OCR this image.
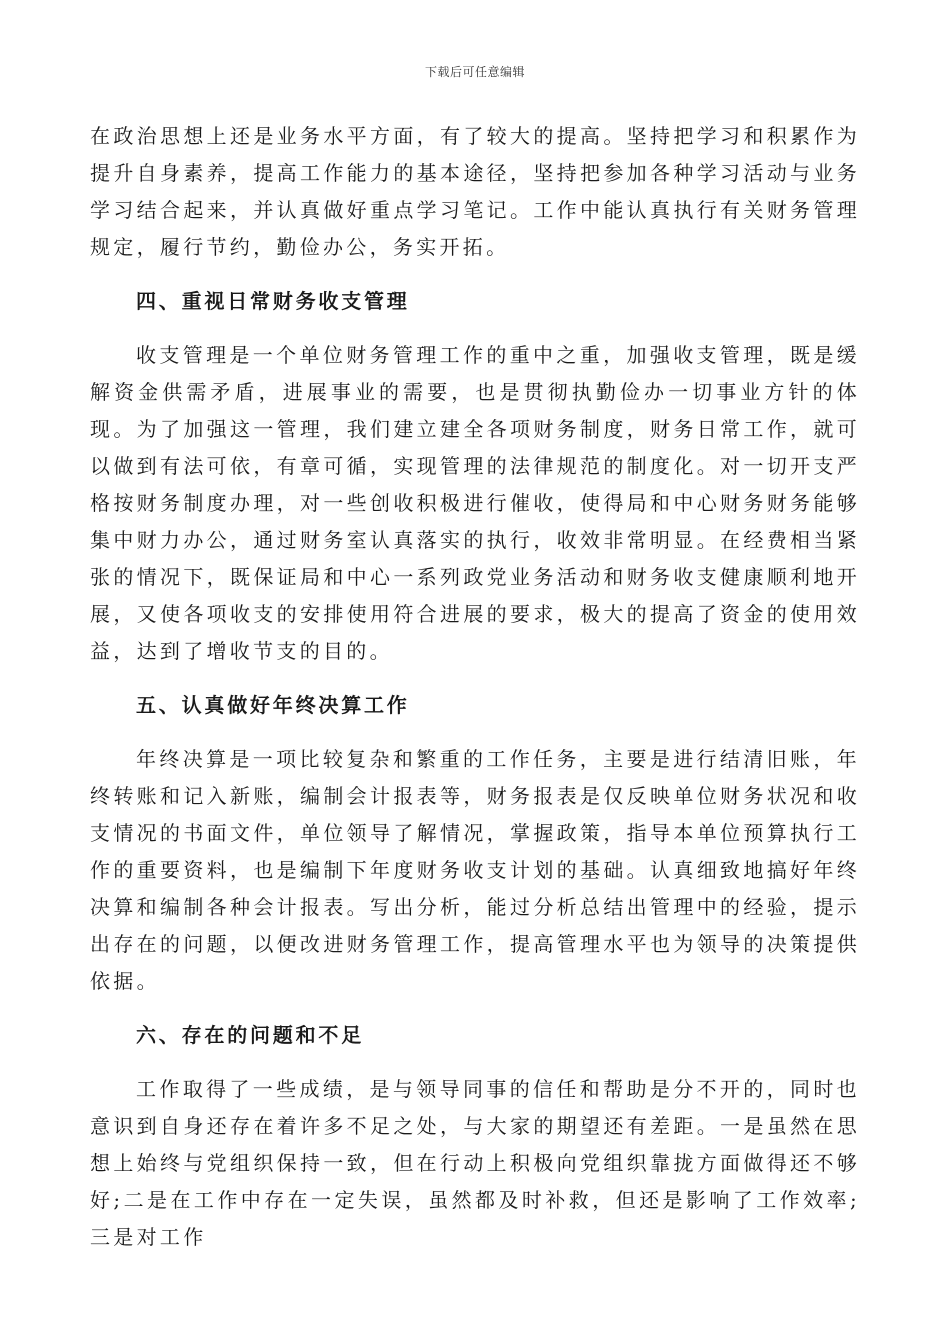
下载后可任意编辑

在政治思想上还是业务水平方面，有了较大的提高。坚持把学习和积累作为提升自身素养，提高工作能力的基本途径，坚持把参加各种学习活动与业务学习结合起来，并认真做好重点学习笔记。工作中能认真执行有关财务管理规定，履行节约，勤俭办公，务实开拓。

四、重视日常财务收支管理

收支管理是一个单位财务管理工作的重中之重，加强收支管理，既是缓解资金供需矛盾，进展事业的需要，也是贯彻执勤俭办一切事业方针的体现。为了加强这一管理，我们建立建全各项财务制度，财务日常工作，就可以做到有法可依，有章可循，实现管理的法律规范的制度化。对一切开支严格按财务制度办理，对一些创收积极进行催收，使得局和中心财务财务能够集中财力办公，通过财务室认真落实的执行，收效非常明显。在经费相当紧张的情况下，既保证局和中心一系列政党业务活动和财务收支健康顺利地开展，又使各项收支的安排使用符合进展的要求，极大的提高了资金的使用效益，达到了增收节支的目的。

五、认真做好年终决算工作

年终决算是一项比较复杂和繁重的工作任务，主要是进行结清旧账，年终转账和记入新账，编制会计报表等，财务报表是仅反映单位财务状况和收支情况的书面文件，单位领导了解情况，掌握政策，指导本单位预算执行工作的重要资料，也是编制下年度财务收支计划的基础。认真细致地搞好年终决算和编制各种会计报表。写出分析，能过分析总结出管理中的经验，提示出存在的问题，以便改进财务管理工作，提高管理水平也为领导的决策提供依据。

六、存在的问题和不足

工作取得了一些成绩，是与领导同事的信任和帮助是分不开的，同时也意识到自身还存在着许多不足之处，与大家的期望还有差距。一是虽然在思想上始终与党组织保持一致，但在行动上积极向党组织靠拢方面做得还不够好;二是在工作中存在一定失误，虽然都及时补救，但还是影响了工作效率;三是对工作
